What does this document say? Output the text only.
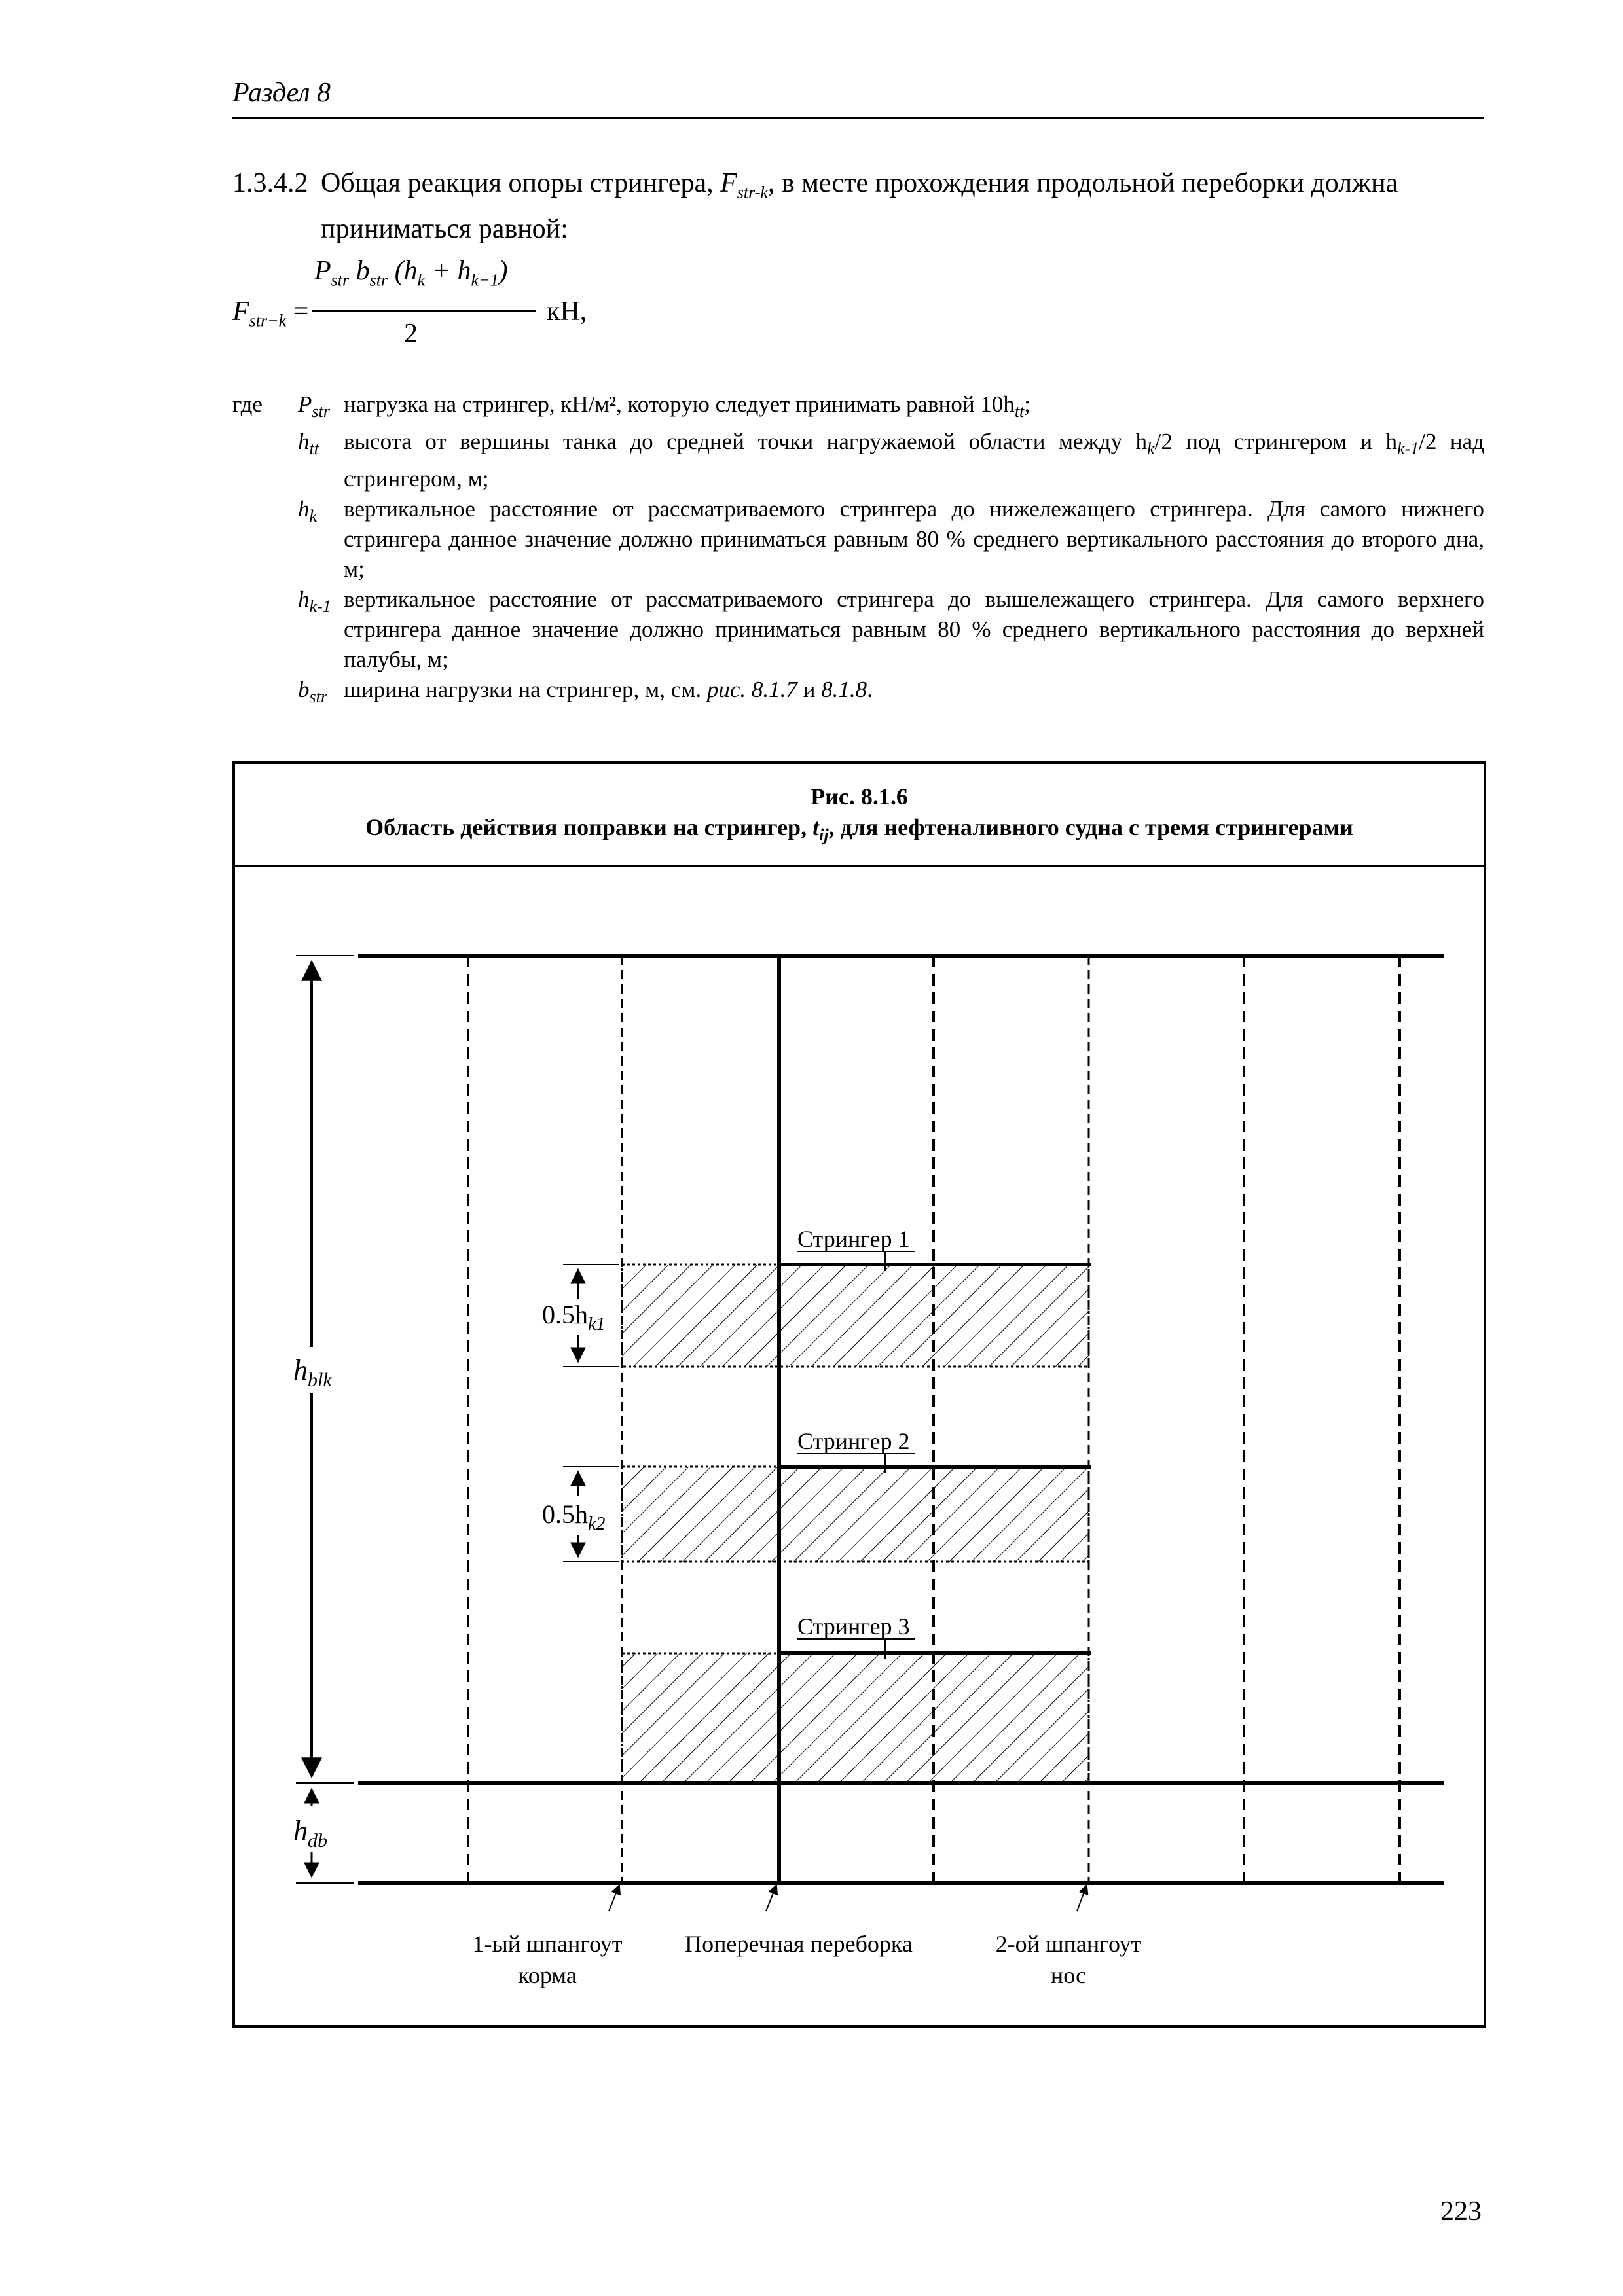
Раздел 8
1.3.4.2 Общая реакция опоры стрингера, $F_{str-k}$, в месте прохождения продольной переборки должна
приниматься равной:
$F_{str-k}$ =
$P_{str}$ $b_{str}$ $(h_k + h_{k-1})$
2
кН,
где	$P_{str}$ нагрузка на стрингер, кН/м², которую следует принимать равной $10h_{tt}$;
$h_{tt}$	высота от вершины танка до средней точки нагружаемой области между $h_k/2$ под стрингером и $h_{k-1}/2$ над стрингером, м;
$h_k$	вертикальное расстояние от рассматриваемого стрингера до нижележащего стрингера. Для самого нижнего стрингера данное значение должно приниматься равным 80 % среднего вертикального расстояния до второго дна, м;
$h_{k-1}$ вертикальное расстояние от рассматриваемого стрингера до вышележащего стрингера. Для самого верхнего стрингера данное значение должно приниматься равным 80 % среднего вертикального расстояния до верхней палубы, м;
$b_{str}$ ширина нагрузки на стрингер, м, см. рис. 8.1.7 и 8.1.8.
Рис. 8.1.6
Область действия поправки на стрингер, $t_{ij}$, для нефтеналивного судна с тремя стрингерами
Стрингер 1
Стрингер 2
Стрингер 3
$h_{blk}$
$h_{db}$
$0.5h_{k1}$
$0.5h_{k2}$
1-ый шпангоут
корма
Поперечная переборка	2-ой шпангоут
нос
223
